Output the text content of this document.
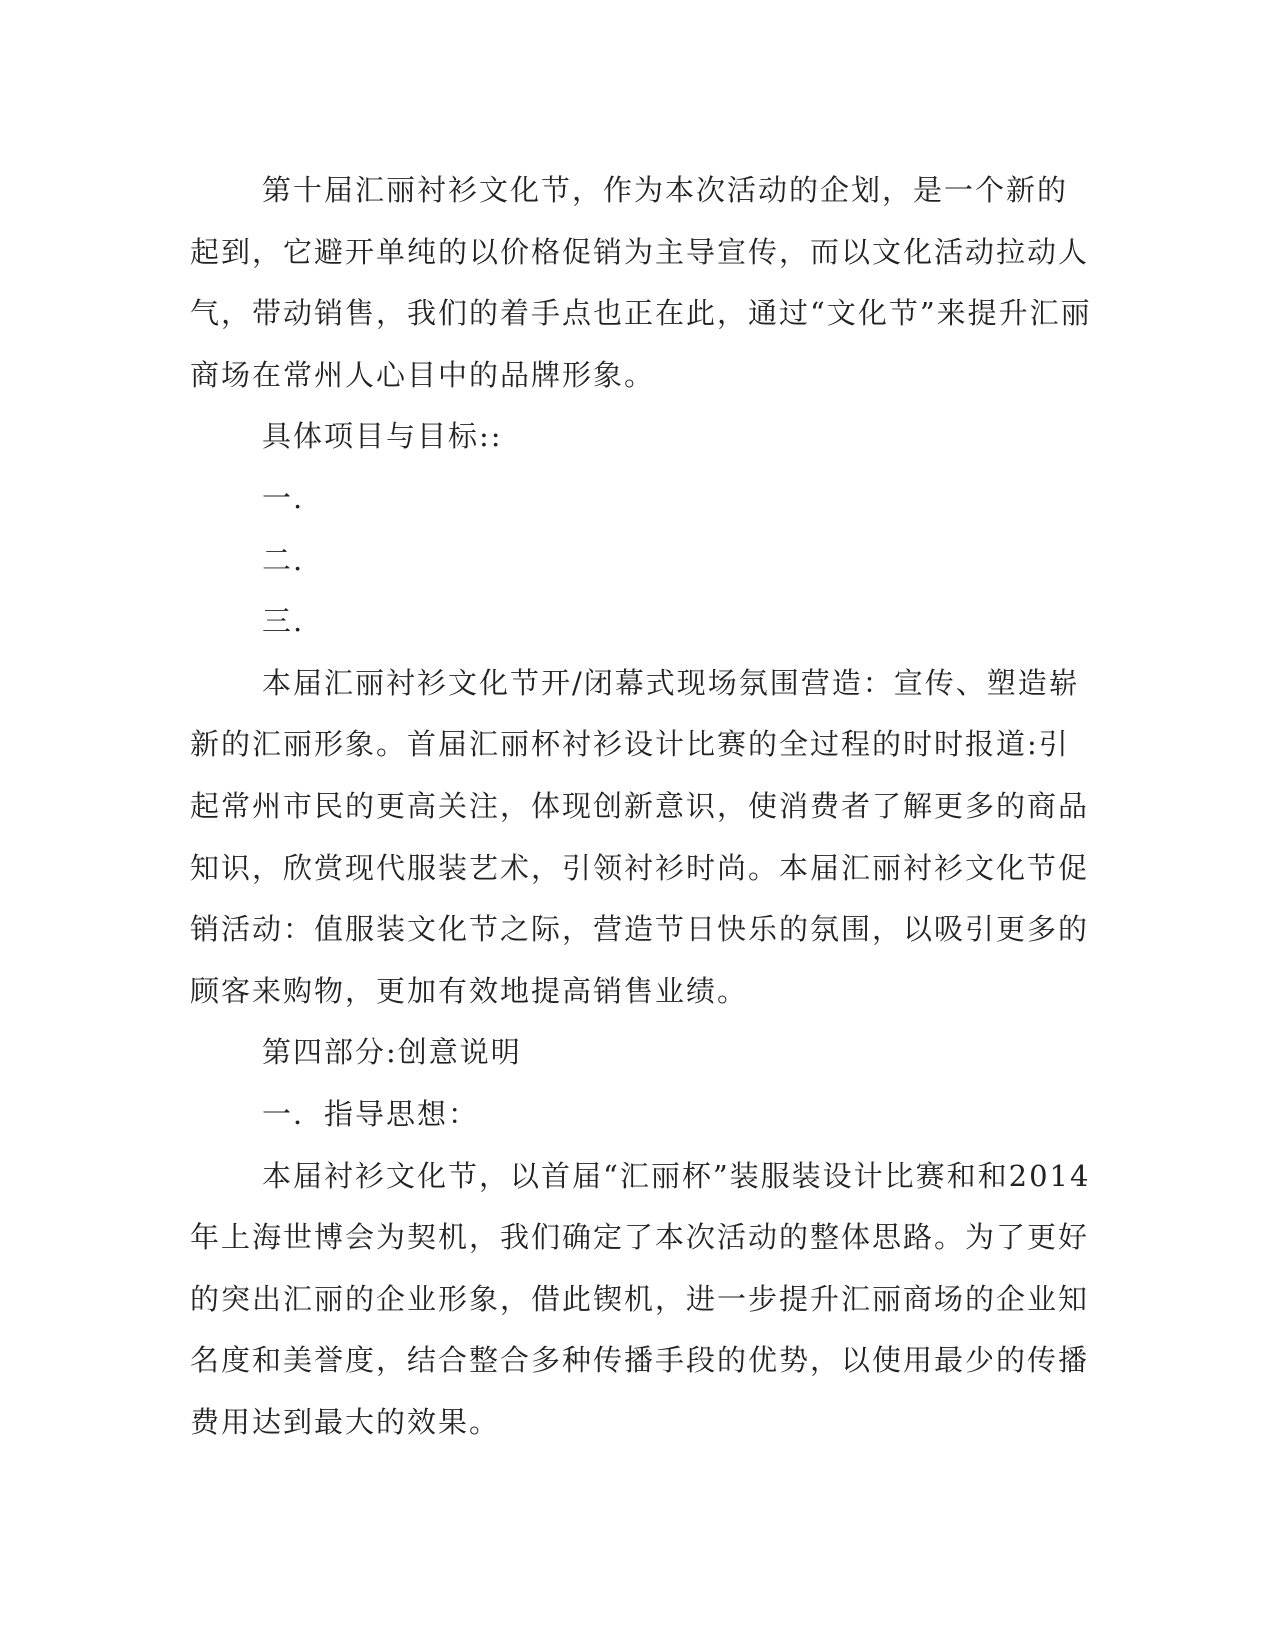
第十届汇丽衬衫文化节，作为本次活动的企划，是一个新的起到，它避开单纯的以价格促销为主导宣传，而以文化活动拉动人气，带动销售，我们的着手点也正在此，通过“文化节”来提升汇丽商场在常州人心目中的品牌形象。

具体项目与目标::

一.

二.

三.

本届汇丽衬衫文化节开/闭幕式现场氛围营造：宣传、塑造崭新的汇丽形象。首届汇丽杯衬衫设计比赛的全过程的时时报道:引起常州市民的更高关注，体现创新意识，使消费者了解更多的商品知识，欣赏现代服装艺术，引领衬衫时尚。本届汇丽衬衫文化节促销活动：值服装文化节之际，营造节日快乐的氛围，以吸引更多的顾客来购物，更加有效地提高销售业绩。

第四部分:创意说明

一．指导思想：

本届衬衫文化节，以首届“汇丽杯”装服装设计比赛和和2014年上海世博会为契机，我们确定了本次活动的整体思路。为了更好的突出汇丽的企业形象，借此锲机，进一步提升汇丽商场的企业知名度和美誉度，结合整合多种传播手段的优势，以使用最少的传播费用达到最大的效果。
